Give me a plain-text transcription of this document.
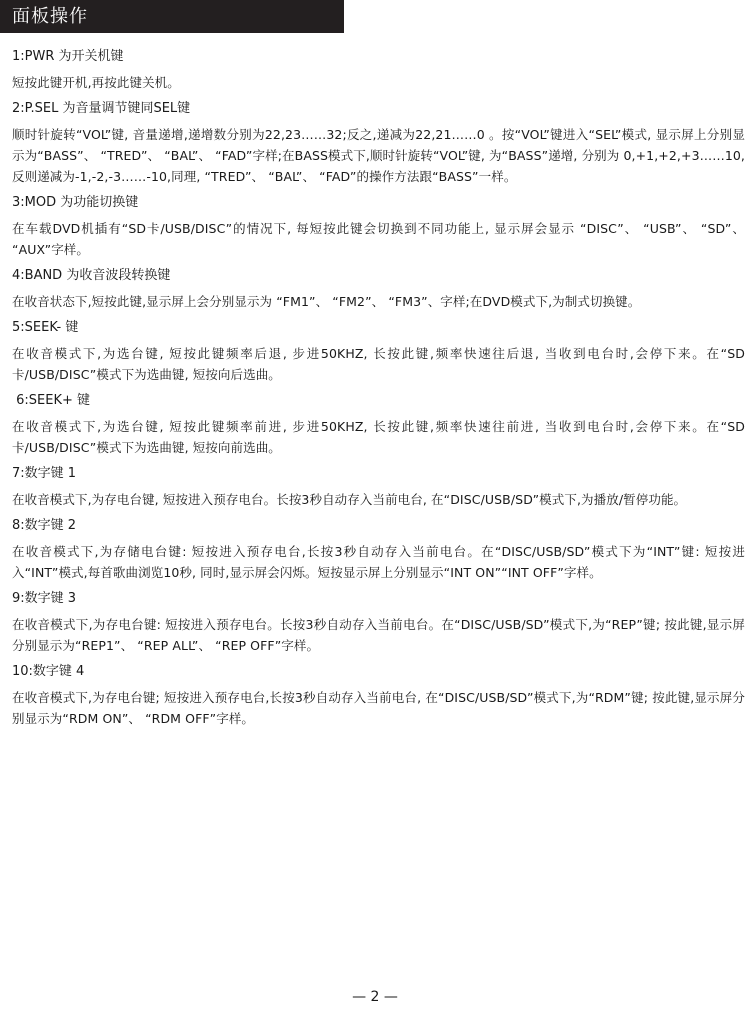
面板操作

1:PWR 为开关机键

短按此键开机,再按此键关机。

2:P.SEL 为音量调节键同SEL键

顺时针旋转“VOL”键, 音量递增,递增数分别为22,23……32;反之,递减为22,21……0 。按“VOL”键进入“SEL”模式, 显示屏上分别显示为“BASS”、 “TRED”、 “BAL”、 “FAD”字样;在BASS模式下,顺时针旋转“VOL”键, 为“BASS”递增, 分别为 0,+1,+2,+3……10, 反则递减为-1,-2,-3……-10,同理, “TRED”、 “BAL”、 “FAD”的操作方法跟“BASS”一样。

3:MOD 为功能切换键

在车载DVD机插有“SD卡/USB/DISC”的情况下, 每短按此键会切换到不同功能上, 显示屏会显示 “DISC”、 “USB”、 “SD”、 “AUX”字样。

4:BAND 为收音波段转换键

在收音状态下,短按此键,显示屏上会分别显示为 “FM1”、 “FM2”、 “FM3”、字样;在DVD模式下,为制式切换键。

5:SEEK- 键

在收音模式下,为选台键, 短按此键频率后退, 步进50KHZ, 长按此键,频率快速往后退, 当收到电台时,会停下来。在“SD卡/USB/DISC”模式下为选曲键, 短按向后选曲。

6:SEEK+ 键

在收音模式下,为选台键, 短按此键频率前进, 步进50KHZ, 长按此键,频率快速往前进, 当收到电台时,会停下来。在“SD卡/USB/DISC”模式下为选曲键, 短按向前选曲。

7:数字键 1

在收音模式下,为存电台键, 短按进入预存电台。长按3秒自动存入当前电台, 在“DISC/USB/SD”模式下,为播放/暂停功能。

8:数字键 2

在收音模式下,为存储电台键: 短按进入预存电台,长按3秒自动存入当前电台。在“DISC/USB/SD”模式下为“INT”键: 短按进入“INT”模式,每首歌曲浏览10秒, 同时,显示屏会闪烁。短按显示屏上分别显示“INT ON”“INT OFF”字样。

9:数字键 3

在收音模式下,为存电台键: 短按进入预存电台。长按3秒自动存入当前电台。在“DISC/USB/SD”模式下,为“REP”键; 按此键,显示屏分别显示为“REP1”、 “REP ALL”、 “REP OFF”字样。

10:数字键 4

在收音模式下,为存电台键; 短按进入预存电台,长按3秒自动存入当前电台, 在“DISC/USB/SD”模式下,为“RDM”键; 按此键,显示屏分别显示为“RDM ON”、 “RDM OFF”字样。

— 2 —
